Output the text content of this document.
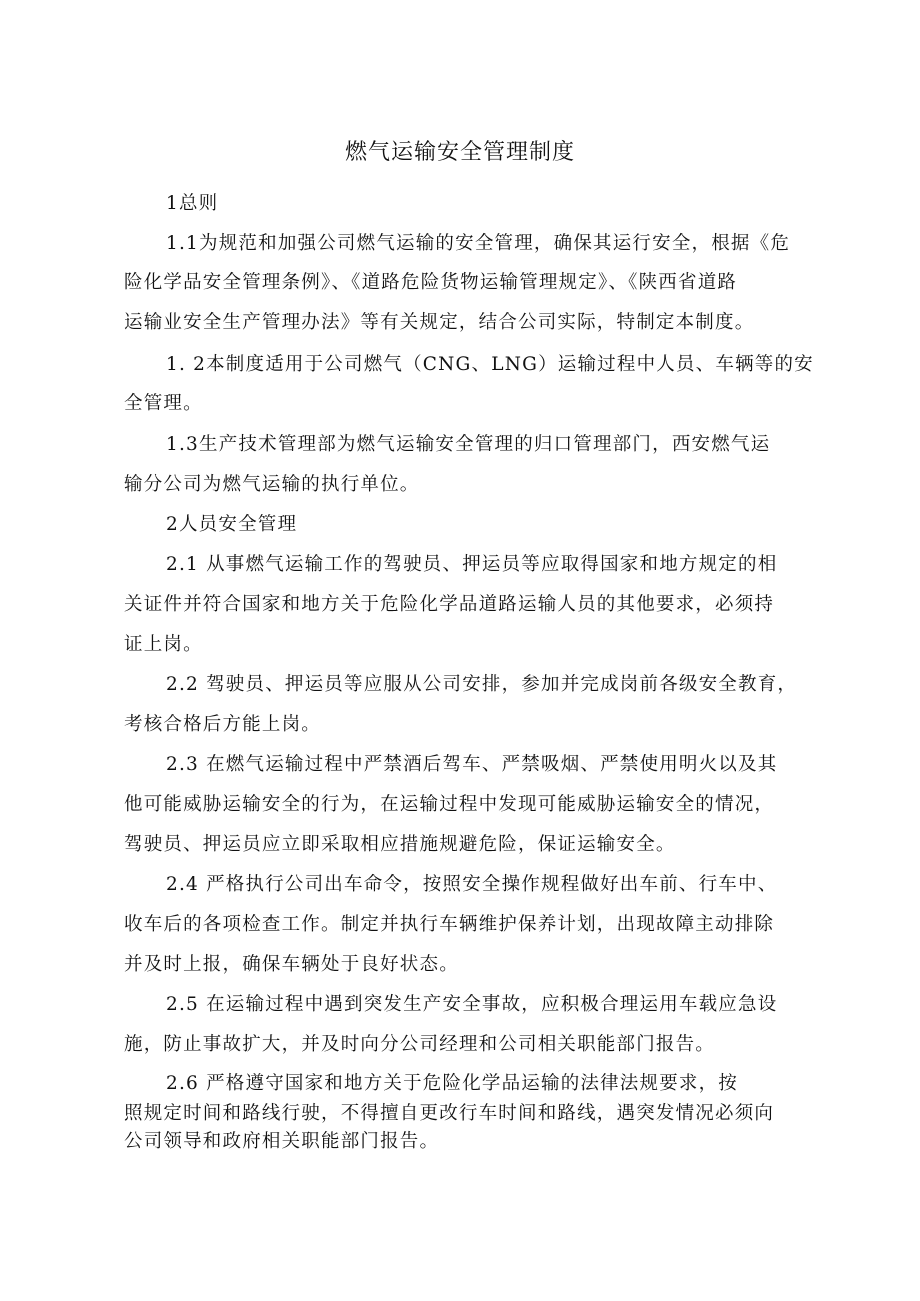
燃气运输安全管理制度
1总则
1.1为规范和加强公司燃气运输的安全管理，确保其运行安全，根据《危
险化学品安全管理条例》、《道路危险货物运输管理规定》、《陕西省道路
运输业安全生产管理办法》等有关规定，结合公司实际，特制定本制度。
1. 2本制度适用于公司燃气（CNG、LNG）运输过程中人员、车辆等的安
全管理。
1.3生产技术管理部为燃气运输安全管理的归口管理部门，西安燃气运
输分公司为燃气运输的执行单位。
2人员安全管理
2.1 从事燃气运输工作的驾驶员、押运员等应取得国家和地方规定的相
关证件并符合国家和地方关于危险化学品道路运输人员的其他要求，必须持
证上岗。
2.2 驾驶员、押运员等应服从公司安排，参加并完成岗前各级安全教育，
考核合格后方能上岗。
2.3 在燃气运输过程中严禁酒后驾车、严禁吸烟、严禁使用明火以及其
他可能威胁运输安全的行为，在运输过程中发现可能威胁运输安全的情况，
驾驶员、押运员应立即采取相应措施规避危险，保证运输安全。
2.4 严格执行公司出车命令，按照安全操作规程做好出车前、行车中、
收车后的各项检查工作。制定并执行车辆维护保养计划，出现故障主动排除
并及时上报，确保车辆处于良好状态。
2.5 在运输过程中遇到突发生产安全事故，应积极合理运用车载应急设
施，防止事故扩大，并及时向分公司经理和公司相关职能部门报告。
2.6 严格遵守国家和地方关于危险化学品运输的法律法规要求，按
照规定时间和路线行驶，不得擅自更改行车时间和路线，遇突发情况必须向
公司领导和政府相关职能部门报告。
